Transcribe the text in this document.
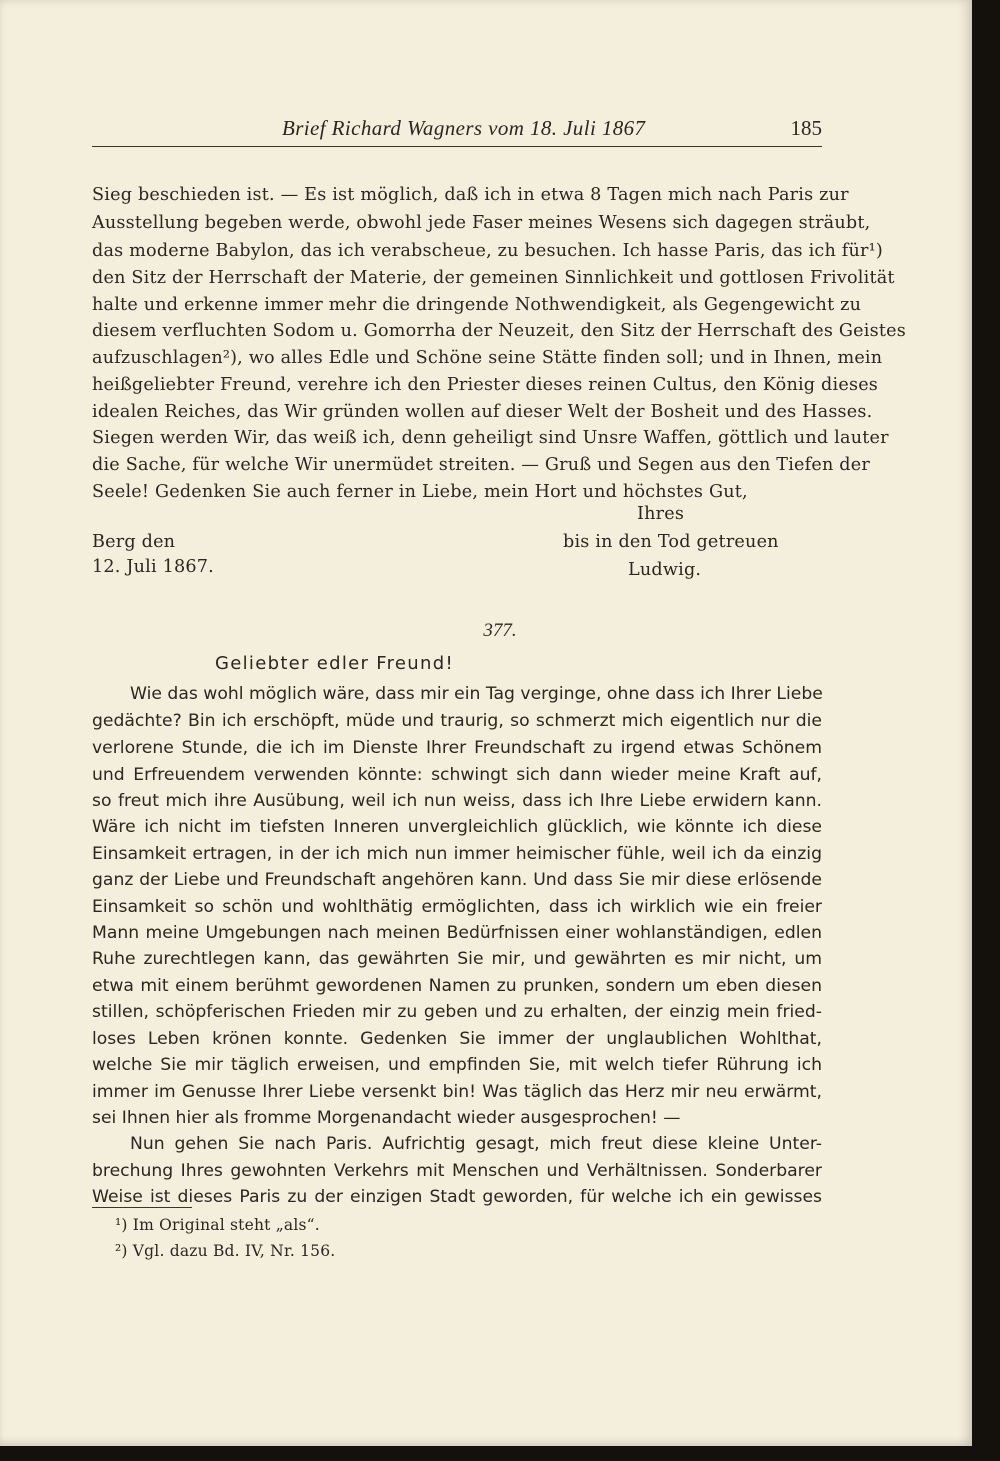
Brief Richard Wagners vom 18. Juli 1867	185
Sieg beschieden ist. — Es ist möglich, daß ich in etwa 8 Tagen mich nach Paris zur
Ausstellung begeben werde, obwohl jede Faser meines Wesens sich dagegen sträubt,
das moderne Babylon, das ich verabscheue, zu besuchen. Ich hasse Paris, das ich für¹)
den Sitz der Herrschaft der Materie, der gemeinen Sinnlichkeit und gottlosen Frivolität
halte und erkenne immer mehr die dringende Nothwendigkeit, als Gegengewicht zu
diesem verfluchten Sodom u. Gomorrha der Neuzeit, den Sitz der Herrschaft des Geistes
aufzuschlagen²), wo alles Edle und Schöne seine Stätte finden soll; und in Ihnen, mein
heißgeliebter Freund, verehre ich den Priester dieses reinen Cultus, den König dieses
idealen Reiches, das Wir gründen wollen auf dieser Welt der Bosheit und des Hasses.
Siegen werden Wir, das weiß ich, denn geheiligt sind Unsre Waffen, göttlich und lauter
die Sache, für welche Wir unermüdet streiten. — Gruß und Segen aus den Tiefen der
Seele! Gedenken Sie auch ferner in Liebe, mein Hort und höchstes Gut,
Ihres
Berg den	bis in den Tod getreuen
12. Juli 1867.	Ludwig.
377.
Geliebter edler Freund!
Wie das wohl möglich wäre, dass mir ein Tag verginge, ohne dass ich Ihrer Liebe
gedächte? Bin ich erschöpft, müde und traurig, so schmerzt mich eigentlich nur die
verlorene Stunde, die ich im Dienste Ihrer Freundschaft zu irgend etwas Schönem
und Erfreuendem verwenden könnte: schwingt sich dann wieder meine Kraft auf,
so freut mich ihre Ausübung, weil ich nun weiss, dass ich Ihre Liebe erwidern kann.
Wäre ich nicht im tiefsten Inneren unvergleichlich glücklich, wie könnte ich diese
Einsamkeit ertragen, in der ich mich nun immer heimischer fühle, weil ich da einzig
ganz der Liebe und Freundschaft angehören kann. Und dass Sie mir diese erlösende
Einsamkeit so schön und wohlthätig ermöglichten, dass ich wirklich wie ein freier
Mann meine Umgebungen nach meinen Bedürfnissen einer wohlanständigen, edlen
Ruhe zurechtlegen kann, das gewährten Sie mir, und gewährten es mir nicht, um
etwa mit einem berühmt gewordenen Namen zu prunken, sondern um eben diesen
stillen, schöpferischen Frieden mir zu geben und zu erhalten, der einzig mein fried-
loses Leben krönen konnte. Gedenken Sie immer der unglaublichen Wohlthat,
welche Sie mir täglich erweisen, und empfinden Sie, mit welch tiefer Rührung ich
immer im Genusse Ihrer Liebe versenkt bin! Was täglich das Herz mir neu erwärmt,
sei Ihnen hier als fromme Morgenandacht wieder ausgesprochen! —
Nun gehen Sie nach Paris. Aufrichtig gesagt, mich freut diese kleine Unter-
brechung Ihres gewohnten Verkehrs mit Menschen und Verhältnissen. Sonderbarer
Weise ist dieses Paris zu der einzigen Stadt geworden, für welche ich ein gewisses
¹) Im Original steht „als“.
²) Vgl. dazu Bd. IV, Nr. 156.
